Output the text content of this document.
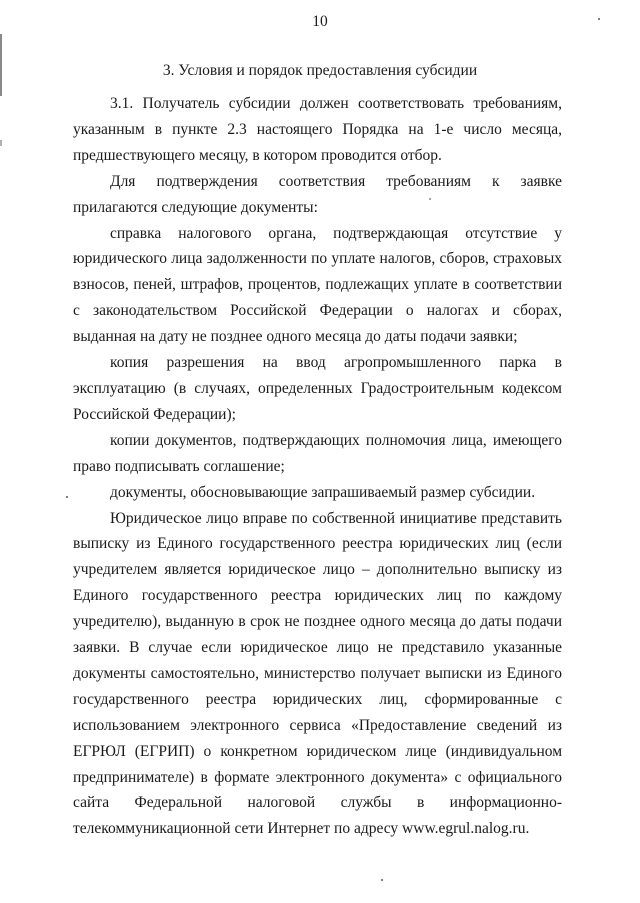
10
3. Условия и порядок предоставления субсидии

3.1. Получатель субсидии должен соответствовать требованиям, указанным в пункте 2.3 настоящего Порядка на 1-е число месяца, предшествующего месяцу, в котором проводится отбор.

Для подтверждения соответствия требованиям к заявке прилагаются следующие документы:

справка налогового органа, подтверждающая отсутствие у юридического лица задолженности по уплате налогов, сборов, страховых взносов, пеней, штрафов, процентов, подлежащих уплате в соответствии с законодательством Российской Федерации о налогах и сборах, выданная на дату не позднее одного месяца до даты подачи заявки;

копия разрешения на ввод агропромышленного парка в эксплуатацию (в случаях, определенных Градостроительным кодексом Российской Федерации);

копии документов, подтверждающих полномочия лица, имеющего право подписывать соглашение;

документы, обосновывающие запрашиваемый размер субсидии.

Юридическое лицо вправе по собственной инициативе представить выписку из Единого государственного реестра юридических лиц (если учредителем является юридическое лицо – дополнительно выписку из Единого государственного реестра юридических лиц по каждому учредителю), выданную в срок не позднее одного месяца до даты подачи заявки. В случае если юридическое лицо не представило указанные документы самостоятельно, министерство получает выписки из Единого государственного реестра юридических лиц, сформированные с использованием электронного сервиса «Предоставление сведений из ЕГРЮЛ (ЕГРИП) о конкретном юридическом лице (индивидуальном предпринимателе) в формате электронного документа» с официального сайта Федеральной налоговой службы в информационно-телекоммуникационной сети Интернет по адресу www.egrul.nalog.ru.
